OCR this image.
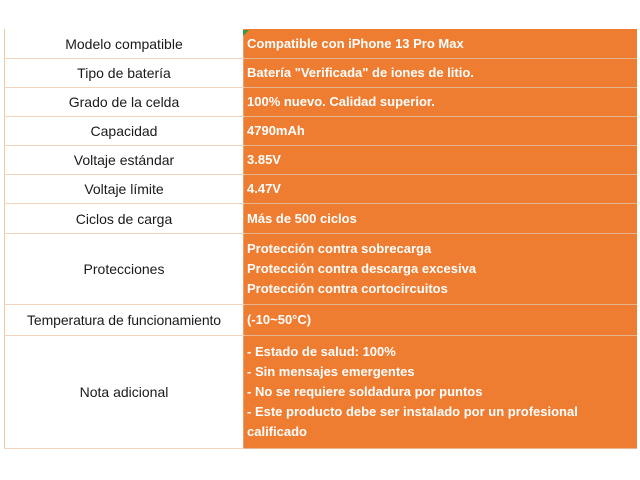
Modelo compatible	Compatible con iPhone 13 Pro Max

Tipo de batería	Batería "Verificada" de iones de litio.

Grado de la celda	100% nuevo. Calidad superior.

Capacidad	4790mAh

Voltaje estándar	3.85V

Voltaje límite	4.47V

Ciclos de carga	Más de 500 ciclos

Protecciones	Protección contra sobrecarga
Protección contra descarga excesiva
Protección contra cortocircuitos

Temperatura de funcionamiento	(-10~50°C)

Nota adicional	- Estado de salud: 100%
- Sin mensajes emergentes
- No se requiere soldadura por puntos
- Este producto debe ser instalado por un profesional
calificado
